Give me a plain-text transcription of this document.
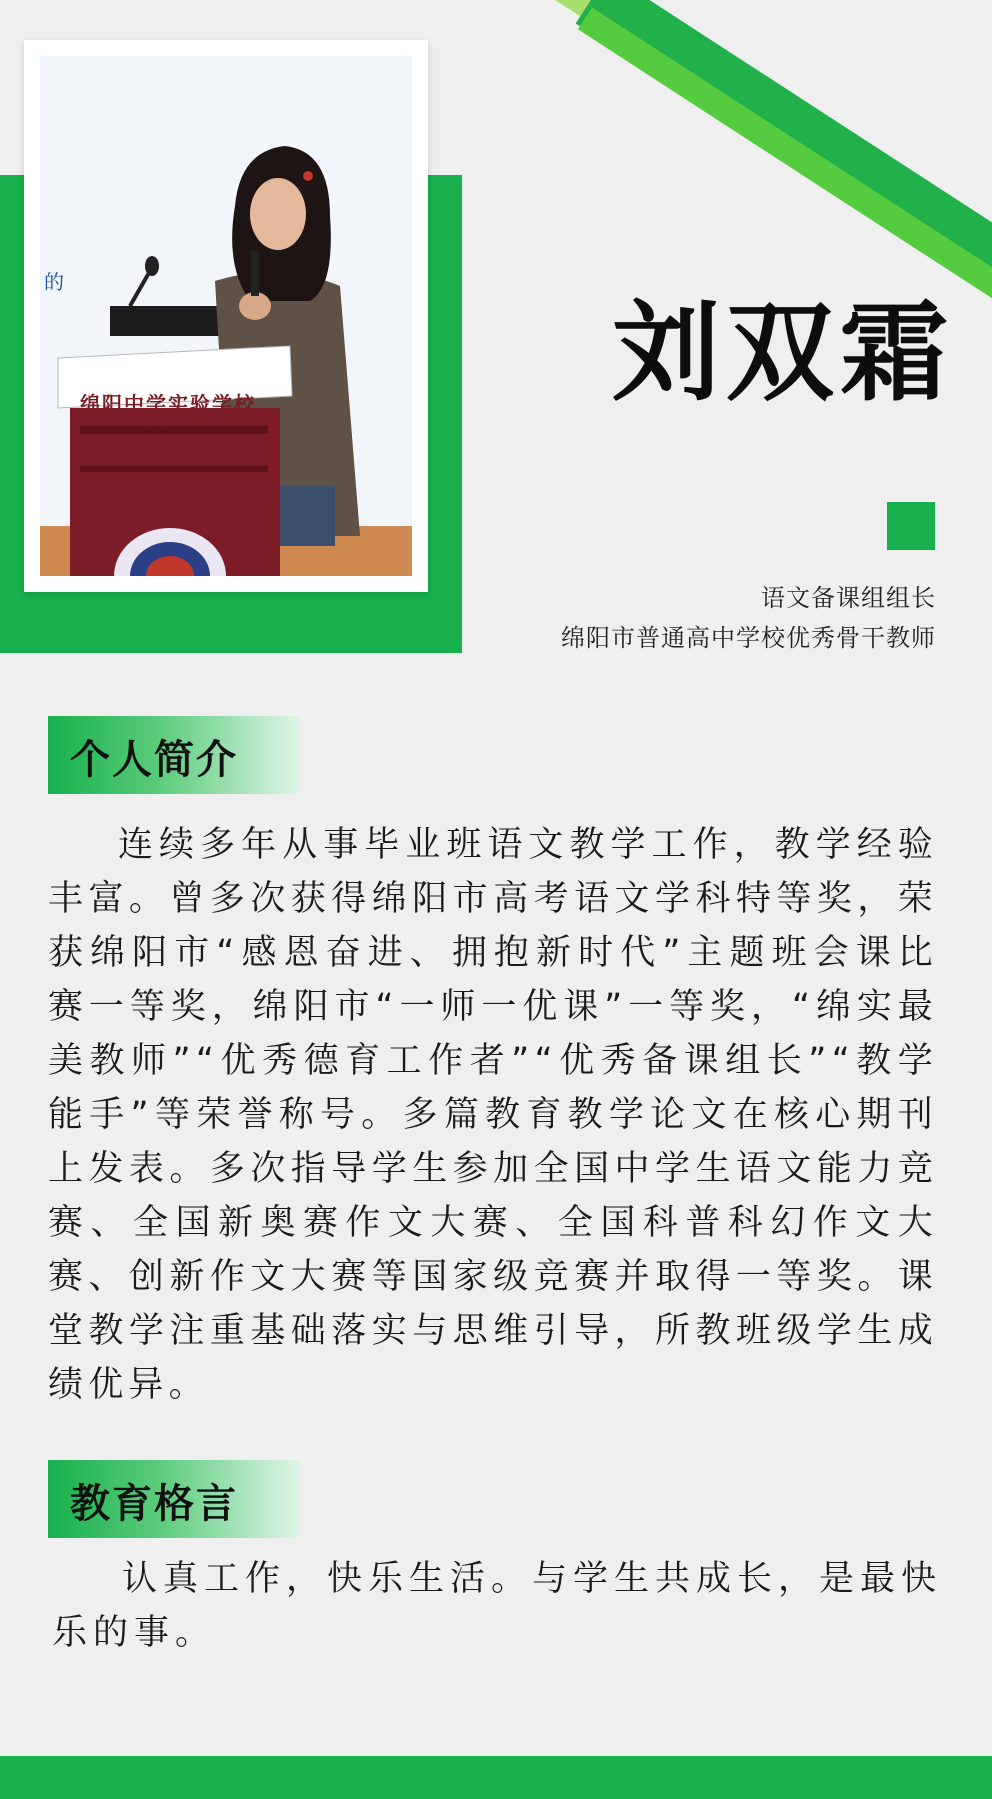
的
绵阳中学实验学校
Mian Zhong Experimental School
刘双霜
语文备课组组长
绵阳市普通高中学校优秀骨干教师
个人简介
连续多年从事毕业班语文教学工作，教学经验丰富。曾多次获得绵阳市高考语文学科特等奖，荣获绵阳市“感恩奋进、拥抱新时代”主题班会课比赛一等奖，绵阳市“一师一优课”一等奖，“绵实最美教师”“优秀德育工作者”“优秀备课组长”“教学能手”等荣誉称号。多篇教育教学论文在核心期刊上发表。多次指导学生参加全国中学生语文能力竞赛、全国新奥赛作文大赛、全国科普科幻作文大赛、创新作文大赛等国家级竞赛并取得一等奖。课堂教学注重基础落实与思维引导，所教班级学生成绩优异。
教育格言
认真工作，快乐生活。与学生共成长，是最快乐的事。
